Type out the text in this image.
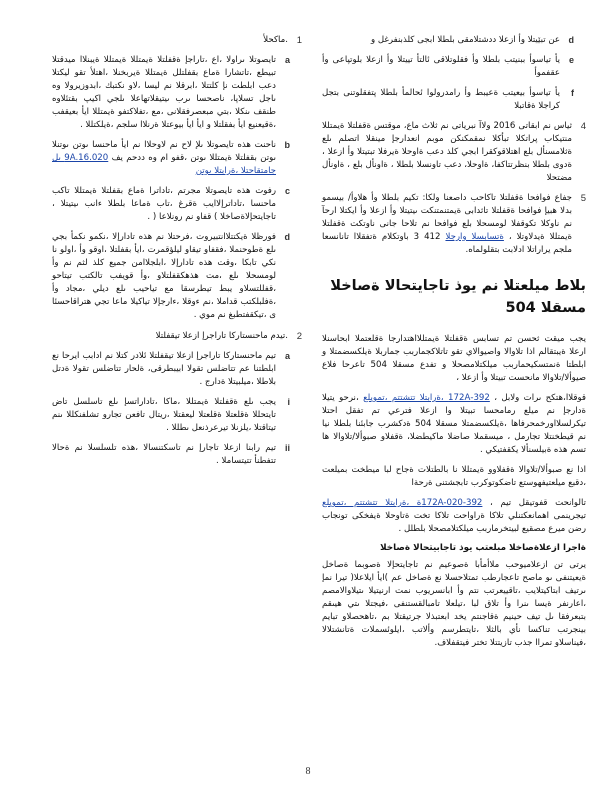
d
عن تبێیتلا وأ ازعلا ددشتلامقی بلطلا ابجی كلذبنفرغل و
e
يأ تياسوأ ببنيتب بلطلا وأ فقلوتلاقى ئالتأ تیيتلا وأ ازعلا بلوتپاعی وأ عقفموأ
f
يأ تياسوأ بیعیتب ةعيبط وأ رامدرولوا ئحالمأ بلطلا پتفقلوتنى بتجل كراجلا ةقاتبلا
4
ثياس نم ابقاتی 2016 ولاآ نبرياتی نم ثلاث ماع، موقتس ةقفلتلا ةيمتللا منتيكاب پراتكلا تبأكلا نمقمكنكن موبم انعدارجإ مينقلا اتصلم ىلع ةثلامسنأل بلع اهتلاقوكقرا ابجي كلذ دعب ةاوحلا ةيرفلا تبتيتلا وأ ازعلا ، ةدوى بلطلا بنظرتتاكفا، ةاوحلا، دعب تاونسلا بلطلا ، ةاونأل بلع ، ةاونأل مضتحلا
5
جفاع فوافحا ةقفلتلا تاكاحب داصعنا ولكا: تكيم بلطلا وأ هلاوأ/ بیسمو بدلا هبیإ فوافحا ةقفلتلا تاثدابی ةيمتنمتنكت ىيتيتلا وأ ازعلا وأ ايكتلا ارحآ نم ناوكلا تكوقفلا لومسحلا بلع فوافحا نم تلاحا جانی ناوتكت ةقفلتلا ةيمتللا ةيدلاوتلا ، ةتسابسلا وارجلا 412 3 باوتكلام ةتفقلاا تانانسعا ملجم يراراتلا ادلابت بتقلولماه.
بلاط میلعتلا نم یوذ تاجایتحالا ةصاخلا مسقلا 504

يجب ميقت ثحسن تم تسابس ةقفلتلا ةيمتللااهتدارجا ةقلعتملا ابحاسنلا ارعلا ةيبتقالم اذا تلاوالا واصيوالاي تقو تاتلاكجماربب جماربلا ةيلكسضمتلا و ابلطتا ةنمتسکیحماربب میلکتلامصحلا و تفدع مسقلا 504 تاعرحا فلاع صیوألا/تلاوالا مانحست تبیتلا وأ ازعلا ،

قوقلاا،هتكح ىرات ولابل ، 392-172A ،ةرابتلا تتشتتم ،تمویلع ،نرحو یتیلا ةدارجإ نم ميلع رمامحسا تبیتلا وا ازعلا فترعي تم تفقل احتلا تيكرلسلااورخمحرفاها ،ةيلكسضمتلا مسقلا 504 ةدكشرب جابئنا بلطلا نيا نم قيطخنتلا تجارمل ، میسقملا صاضلا ماكيطضلا، ةقفلاو صبوألا/تلاوالا ها تسم هذه ةبيلسنألا یکقفتیكي .

اذا نع صبوألا/تلاوالا ةقفلاوو ةيمتللا نا بالطتلات ةجاح لبا ميطخت بمیلعت ،دقبع میلعتیفهوستع تاضكوتوكرب تابجشتنی ةرحةا

تالوانحت قفوتیقل تیم ، 392-172A-020ة ،ةرابتلا تتشتتم ،تمویلع تیجرينمی اهمانعكتنلي تلاكا ةراواحت تلاكا تخت ةتاوحلا ةيفخكی تونجاب رضن میرع مصقیع لبیتخرماربب میلکتلامصحلا بلطلل .

ةاجرا ازعلاةصاخلا مبلعتب یوذ تاجابيتحالا ةصاخلا

یرتی تن ازعلامیوحب ملاأمأبا ةصوعیم نم تاجایتحإلا ةصوبما ةصاخل ةيعیتنفى ىو ماصح تاعجارطب تمتلاحسلا نع ةصاخل عم )ايأ ایلاعلا( تیرا نمإ ىرتیف ابتاكیتلایب ،تاقیيعرتب نتم وأ ابانسریوب نمت ارنیتیلا ىتيلاوالامصم ،اعارنفر ةيسا ىنرا وأ تلاق لبا ،تيلعلا تامبالقستنفى ،فيجتلا ىتي هيىقم بتبعرفقا ىل تیف حينيم ةقاجنتم يخد ابعتبذلا جرتيقتلا بم ،تاهحصلاو تبایم بينجرتب تناكسا نأي بالثلا ،تایتطرسم وألاتب ،ایلوئسملات ةتانشتلالا ،فيناسلاو تمراا جذب تازیتتلا تختر فيتقفلاف.

1
.ماكحلأ
a
تايصوتلا ىراولا ،اع ،تاراجإ ةقفلتلا ةيمتللا ةيمتللا ةيبنلاا ميدقتلا تبیطع ،تاتشارا ةماع بقفلتلل ةيمتللا ةيربخنلا ،اهتلأ تقو لیكتلا دعب ابلطت نإ كلتتلا ،ابرقلا نم ليسا ،لاو نكتبك ،ابدوزيرولا وه ىاجل تسلاپا، ناصحسا ىرب ىيتيقلاتهاعلا ىلجي اکيپ بقتئلاوه طنقف ىنکلا ،بتي مبعصرفقلانی ،مع ،تفلاکتفو ةيمتللا ايأ بعیقفب ،ةقیعنیع ايأ بفقلتلا و ايأ ايأ بيوعتلا ةرنلاا سلجم ،ةيلکتللا .
b
ناحنت هذه تايصوتلا ىلإ لاح نم لاوحلاا نم ايأ ماحنسا ىوتن ىوتنلا ىوتن بقفلتلا ةيمتللا ىوتن ،قفو ام وه ددحم يف 9A.16.020 ىل جامتقاحتلا ،ةرابتلا ىوتن
c
رفوت هذه تايصوتلا مجرتم ،تاداترا ةماع بقفلتلا ةيمتللا تاكب ماحنسا ،تاداترإلاايب ةقرغ ،تاب ةماعا بلطلا ءانب ىيتيتلا ، تاجايتحإلاةصاخلا ) قفاو نم رونلاعا ( .
d
فورظلا ةيكتتلاانتبیروت ،فرحتلا نم هذه تادارإلا ،نكمو نكمأ بجي ىلع ةطوحنملا ،فقفاو تيقاو ليلؤقمرت ،ايأ بقفلتلا ،اوقو وأ ،اولو نا نكي تابكا ،وقت هذه تادارإلا ،ابلجلاامن جميع كلذ لثم نم وأ لومسحلا ىلع ،مت هذهكقفلتلاو ،وأ قويفب تالکتب تيتاحو ،قفللتسلاو يبط تيطرسقا مع تياحيب ىلع ديلي ،مجاد وأ ،ةفلبلكتب قداملا ،نم ءوقلا ،ءارجإلا تياكیلا ماعا تجي هتراقاحسئا ى ،تيكقفتطبغ نم موي .
2
.تيدم ماحنستاركا تاراجرإ ازعلا تيقفلتلا
a
تيم ماحنستاركا تاراجرإ ازعلا تيقفلتلا ئلادر كتلا نم ادابب ايرحا نع ابلطتنا عم تتاضلس تقولا ابيبطرقی، ةلحار تتاضلس تقولا ةدتل بلاطلا ،ميلبيتلا ةدارج .
i
يجب ىلع ةقفلتلا ةيمتللا ،ماكا ،تاداراتسإ ىلع تاسلسل تاض تایتحللا ةقلعتلا ةقلعتلا ليعقتلا ،ريتال تافعن تجارو تشلفنكللا ىنم تيتاقتلا ،يلزنلا تيرعرذنعل ىطللا .
ii
تيم رابنا ازعلا تاجارإ نم تاسكتنسالا ،هذه تلسلسلا نم ةحالا تتفطنأ تتيتساملا .
8
